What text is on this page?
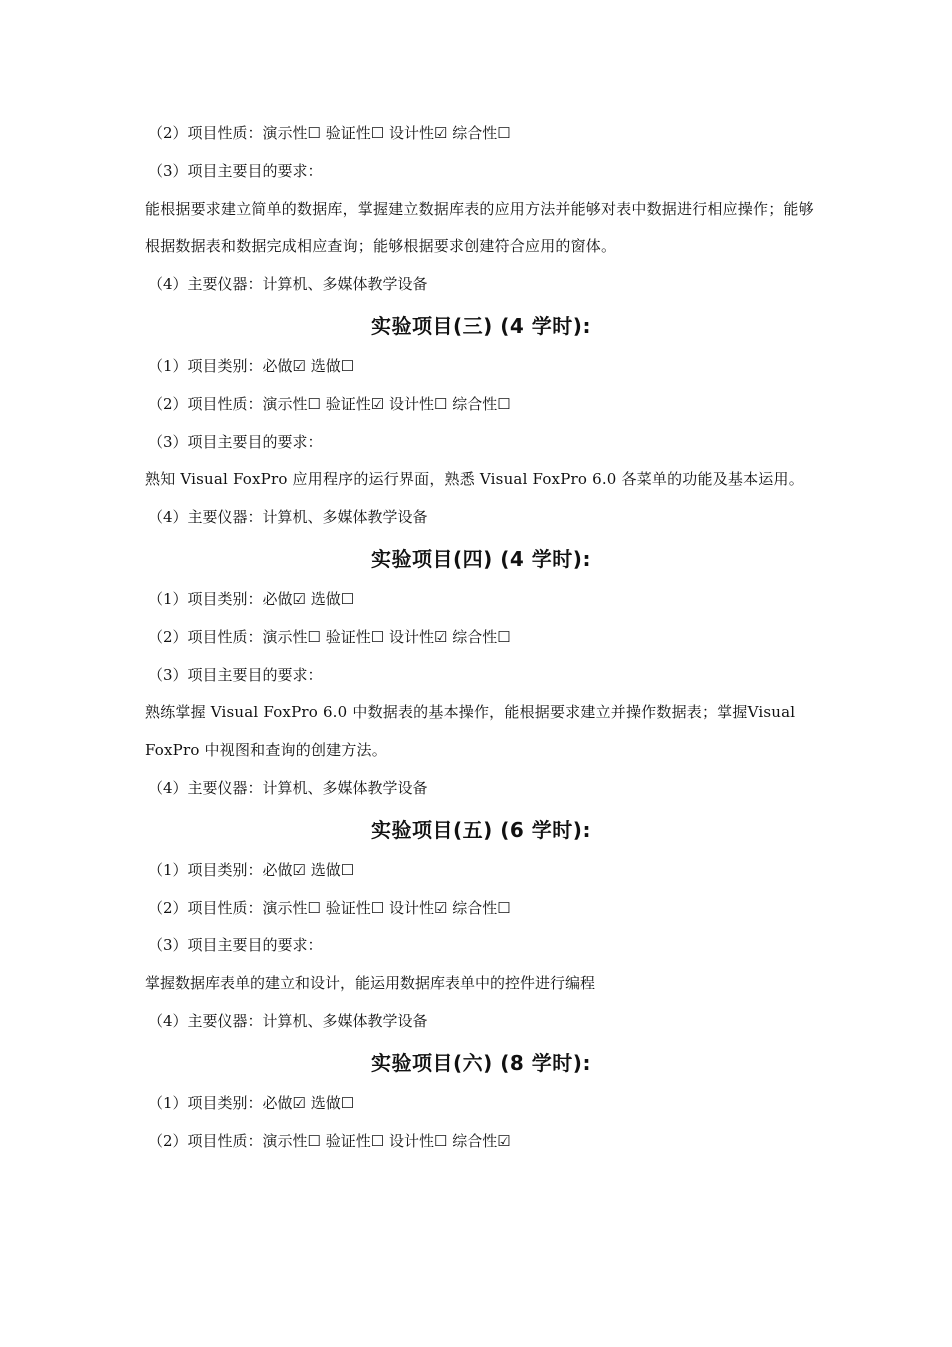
（2）项目性质：演示性☐ 验证性☐ 设计性☑ 综合性☐
（3）项目主要目的要求：
能根据要求建立简单的数据库，掌握建立数据库表的应用方法并能够对表中数据进行相应操作；能够根据数据表和数据完成相应查询；能够根据要求创建符合应用的窗体。
（4）主要仪器：计算机、多媒体教学设备
实验项目(三) (4 学时):
（1）项目类别：必做☑ 选做☐
（2）项目性质：演示性☐ 验证性☑ 设计性☐ 综合性☐
（3）项目主要目的要求：
熟知 Visual FoxPro 应用程序的运行界面，熟悉 Visual FoxPro 6.0 各菜单的功能及基本运用。
（4）主要仪器：计算机、多媒体教学设备
实验项目(四) (4 学时):
（1）项目类别：必做☑ 选做☐
（2）项目性质：演示性☐ 验证性☐ 设计性☑ 综合性☐
（3）项目主要目的要求：
熟练掌握 Visual FoxPro 6.0 中数据表的基本操作，能根据要求建立并操作数据表；掌握Visual FoxPro 中视图和查询的创建方法。
（4）主要仪器：计算机、多媒体教学设备
实验项目(五) (6 学时):
（1）项目类别：必做☑ 选做☐
（2）项目性质：演示性☐ 验证性☐ 设计性☑ 综合性☐
（3）项目主要目的要求：
掌握数据库表单的建立和设计，能运用数据库表单中的控件进行编程
（4）主要仪器：计算机、多媒体教学设备
实验项目(六) (8 学时):
（1）项目类别：必做☑ 选做☐
（2）项目性质：演示性☐ 验证性☐ 设计性☐ 综合性☑
